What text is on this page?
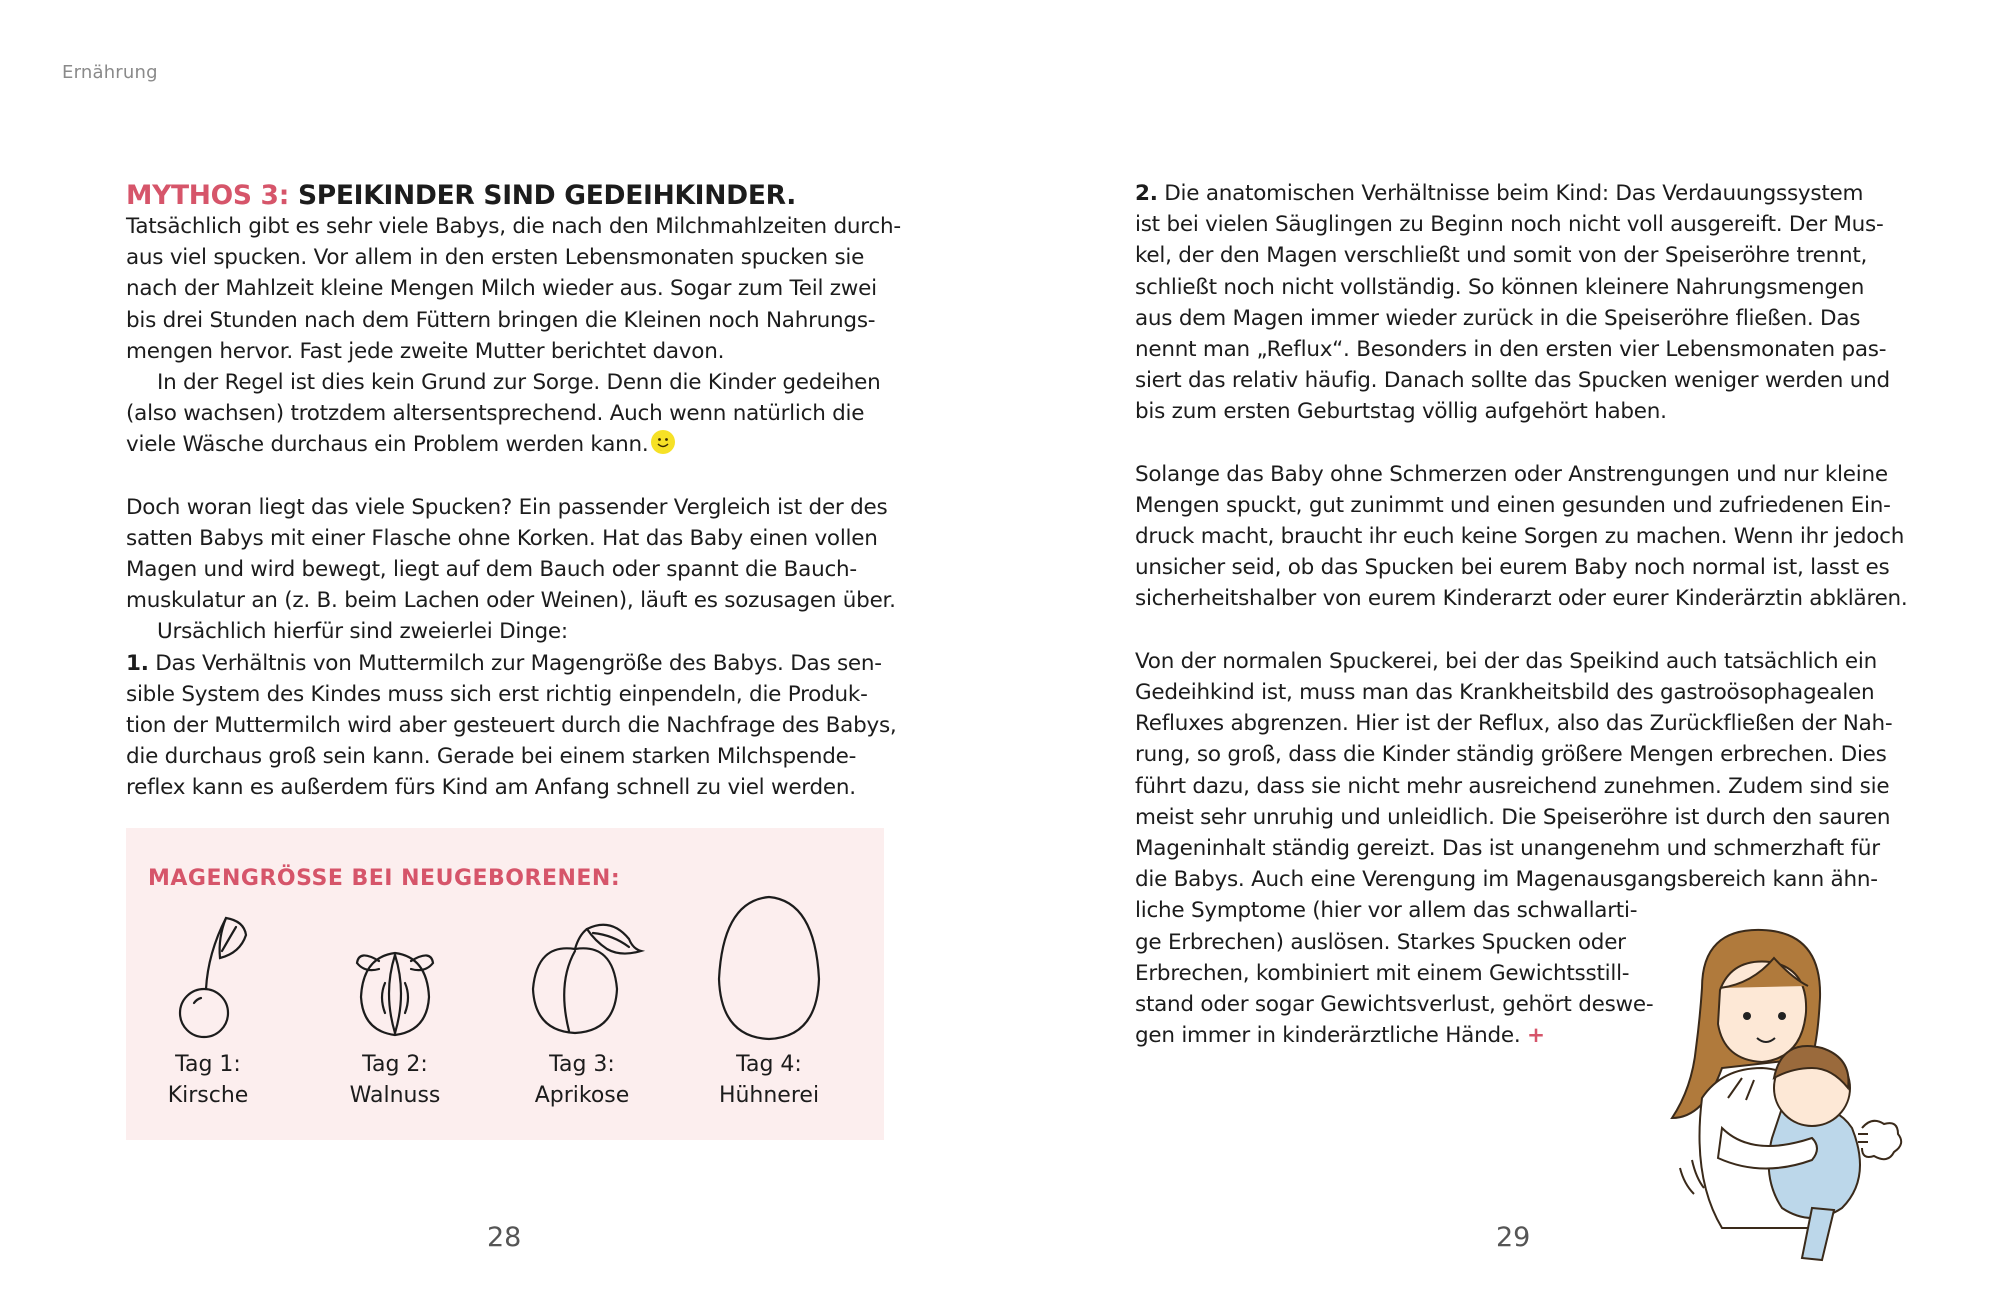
Ernährung
MYTHOS 3: SPEIKINDER SIND GEDEIHKINDER.
Tatsächlich gibt es sehr viele Babys, die nach den Milchmahlzeiten durch-
aus viel spucken. Vor allem in den ersten Lebensmonaten spucken sie
nach der Mahlzeit kleine Mengen Milch wieder aus. Sogar zum Teil zwei
bis drei Stunden nach dem Füttern bringen die Kleinen noch Nahrungs-
mengen hervor. Fast jede zweite Mutter berichtet davon.
In der Regel ist dies kein Grund zur Sorge. Denn die Kinder gedeihen
(also wachsen) trotzdem altersentsprechend. Auch wenn natürlich die
viele Wäsche durchaus ein Problem werden kann.
Doch woran liegt das viele Spucken? Ein passender Vergleich ist der des
satten Babys mit einer Flasche ohne Korken. Hat das Baby einen vollen
Magen und wird bewegt, liegt auf dem Bauch oder spannt die Bauch-
muskulatur an (z. B. beim Lachen oder Weinen), läuft es sozusagen über.
Ursächlich hierfür sind zweierlei Dinge:
1. Das Verhältnis von Muttermilch zur Magengröße des Babys. Das sen-
sible System des Kindes muss sich erst richtig einpendeln, die Produk-
tion der Muttermilch wird aber gesteuert durch die Nachfrage des Babys,
die durchaus groß sein kann. Gerade bei einem starken Milchspende-
reflex kann es außerdem fürs Kind am Anfang schnell zu viel werden.
MAGENGRÖSSE BEI NEUGEBORENEN:
Tag 1:
Kirsche
Tag 2:
Walnuss
Tag 3:
Aprikose
Tag 4:
Hühnerei
28
2. Die anatomischen Verhältnisse beim Kind: Das Verdauungssystem
ist bei vielen Säuglingen zu Beginn noch nicht voll ausgereift. Der Mus-
kel, der den Magen verschließt und somit von der Speiseröhre trennt,
schließt noch nicht vollständig. So können kleinere Nahrungsmengen
aus dem Magen immer wieder zurück in die Speiseröhre fließen. Das
nennt man „Reflux“. Besonders in den ersten vier Lebensmonaten pas-
siert das relativ häufig. Danach sollte das Spucken weniger werden und
bis zum ersten Geburtstag völlig aufgehört haben.
Solange das Baby ohne Schmerzen oder Anstrengungen und nur kleine
Mengen spuckt, gut zunimmt und einen gesunden und zufriedenen Ein-
druck macht, braucht ihr euch keine Sorgen zu machen. Wenn ihr jedoch
unsicher seid, ob das Spucken bei eurem Baby noch normal ist, lasst es
sicherheitshalber von eurem Kinderarzt oder eurer Kinderärztin abklären.
Von der normalen Spuckerei, bei der das Speikind auch tatsächlich ein
Gedeihkind ist, muss man das Krankheitsbild des gastroösophagealen
Refluxes abgrenzen. Hier ist der Reflux, also das Zurückfließen der Nah-
rung, so groß, dass die Kinder ständig größere Mengen erbrechen. Dies
führt dazu, dass sie nicht mehr ausreichend zunehmen. Zudem sind sie
meist sehr unruhig und unleidlich. Die Speiseröhre ist durch den sauren
Mageninhalt ständig gereizt. Das ist unangenehm und schmerzhaft für
die Babys. Auch eine Verengung im Magenausgangsbereich kann ähn-
liche Symptome (hier vor allem das schwallarti-
ge Erbrechen) auslösen. Starkes Spucken oder
Erbrechen, kombiniert mit einem Gewichtsstill-
stand oder sogar Gewichtsverlust, gehört deswe-
gen immer in kinderärztliche Hände. +
29
